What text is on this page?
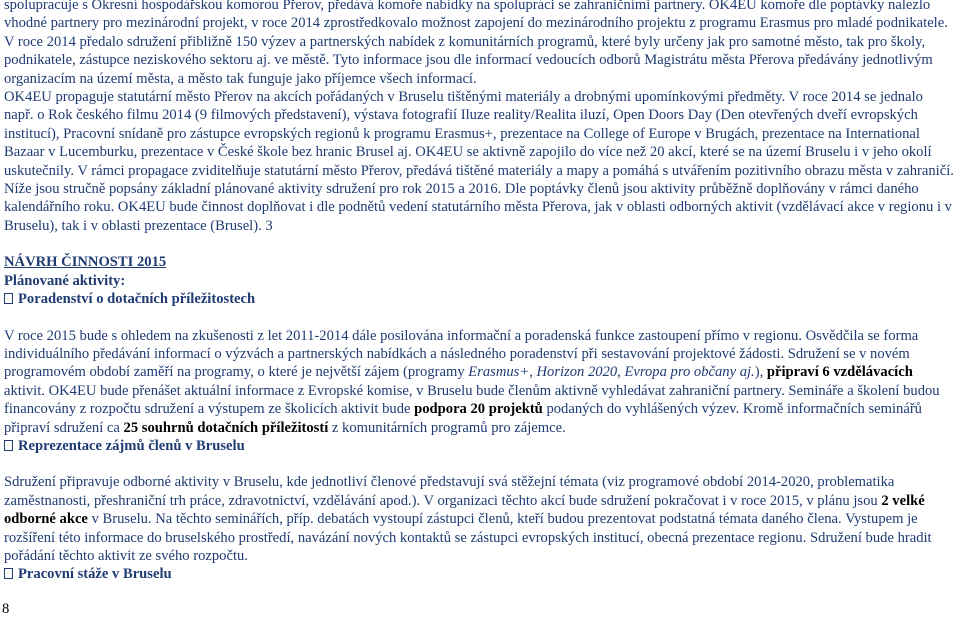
spolupracuje s Okresní hospodářskou komorou Přerov, předává komoře nabídky na spolupráci se zahraničními partnery. OK4EU komoře dle poptávky nalezlo vhodné partnery pro mezinárodní projekt, v roce 2014 zprostředkovalo možnost zapojení do mezinárodního projektu z programu Erasmus pro mladé podnikatele.

V roce 2014 předalo sdružení přibližně 150 výzev a partnerských nabídek z komunitárních programů, které byly určeny jak pro samotné město, tak pro školy, podnikatele, zástupce neziskového sektoru aj. ve městě. Tyto informace jsou dle informací vedoucích odborů Magistrátu města Přerova předávány jednotlivým organizacím na území města, a město tak funguje jako příjemce všech informací.

OK4EU propaguje statutární město Přerov na akcích pořádaných v Bruselu tištěnými materiály a drobnými upomínkovými předměty. V roce 2014 se jednalo např. o Rok českého filmu 2014 (9 filmových představení), výstava fotografií Iluze reality/Realita iluzí, Open Doors Day (Den otevřených dveří evropských institucí), Pracovní snídaně pro zástupce evropských regionů k programu Erasmus+, prezentace na College of Europe v Brugách, prezentace na International Bazaar v Lucemburku, prezentace v České škole bez hranic Brusel aj. OK4EU se aktivně zapojilo do více než 20 akcí, které se na území Bruselu i v jeho okolí uskutečnily. V rámci propagace zviditelňuje statutární město Přerov, předává tištěné materiály a mapy a pomáhá s utvářením pozitivního obrazu města v zahraničí.

Níže jsou stručně popsány základní plánované aktivity sdružení pro rok 2015 a 2016. Dle poptávky členů jsou aktivity průběžně doplňovány v rámci daného kalendářního roku. OK4EU bude činnost doplňovat i dle podnětů vedení statutárního města Přerova, jak v oblasti odborných aktivit (vzdělávací akce v regionu i v Bruselu), tak i v oblasti prezentace (Brusel). 3

NÁVRH ČINNOSTI 2015

Plánované aktivity:

Poradenství o dotačních příležitostech

V roce 2015 bude s ohledem na zkušenosti z let 2011-2014 dále posilována informační a poradenská funkce zastoupení přímo v regionu. Osvědčila se forma individuálního předávání informací o výzvách a partnerských nabídkách a následného poradenství při sestavování projektové žádosti. Sdružení se v novém programovém období zaměří na programy, o které je největší zájem (programy Erasmus+, Horizon 2020, Evropa pro občany aj.), připraví 6 vzdělávacích aktivit. OK4EU bude přenášet aktuální informace z Evropské komise, v Bruselu bude členům aktivně vyhledávat zahraniční partnery. Semináře a školení budou financovány z rozpočtu sdružení a výstupem ze školicích aktivit bude podpora 20 projektů podaných do vyhlášených výzev. Kromě informačních seminářů připraví sdružení ca 25 souhrnů dotačních příležitostí z komunitárních programů pro zájemce.

Reprezentace zájmů členů v Bruselu

Sdružení připravuje odborné aktivity v Bruselu, kde jednotliví členové představují svá stěžejní témata (viz programové období 2014-2020, problematika zaměstnanosti, přeshraniční trh práce, zdravotnictví, vzdělávání apod.). V organizaci těchto akcí bude sdružení pokračovat i v roce 2015, v plánu jsou 2 velké odborné akce v Bruselu. Na těchto seminářích, příp. debatách vystoupí zástupci členů, kteří budou prezentovat podstatná témata daného člena. Vystupem je rozšíření této informace do bruselského prostředí, navázání nových kontaktů se zástupci evropských institucí, obecná prezentace regionu. Sdružení bude hradit pořádání těchto aktivit ze svého rozpočtu.

Pracovní stáže v Bruselu

8
